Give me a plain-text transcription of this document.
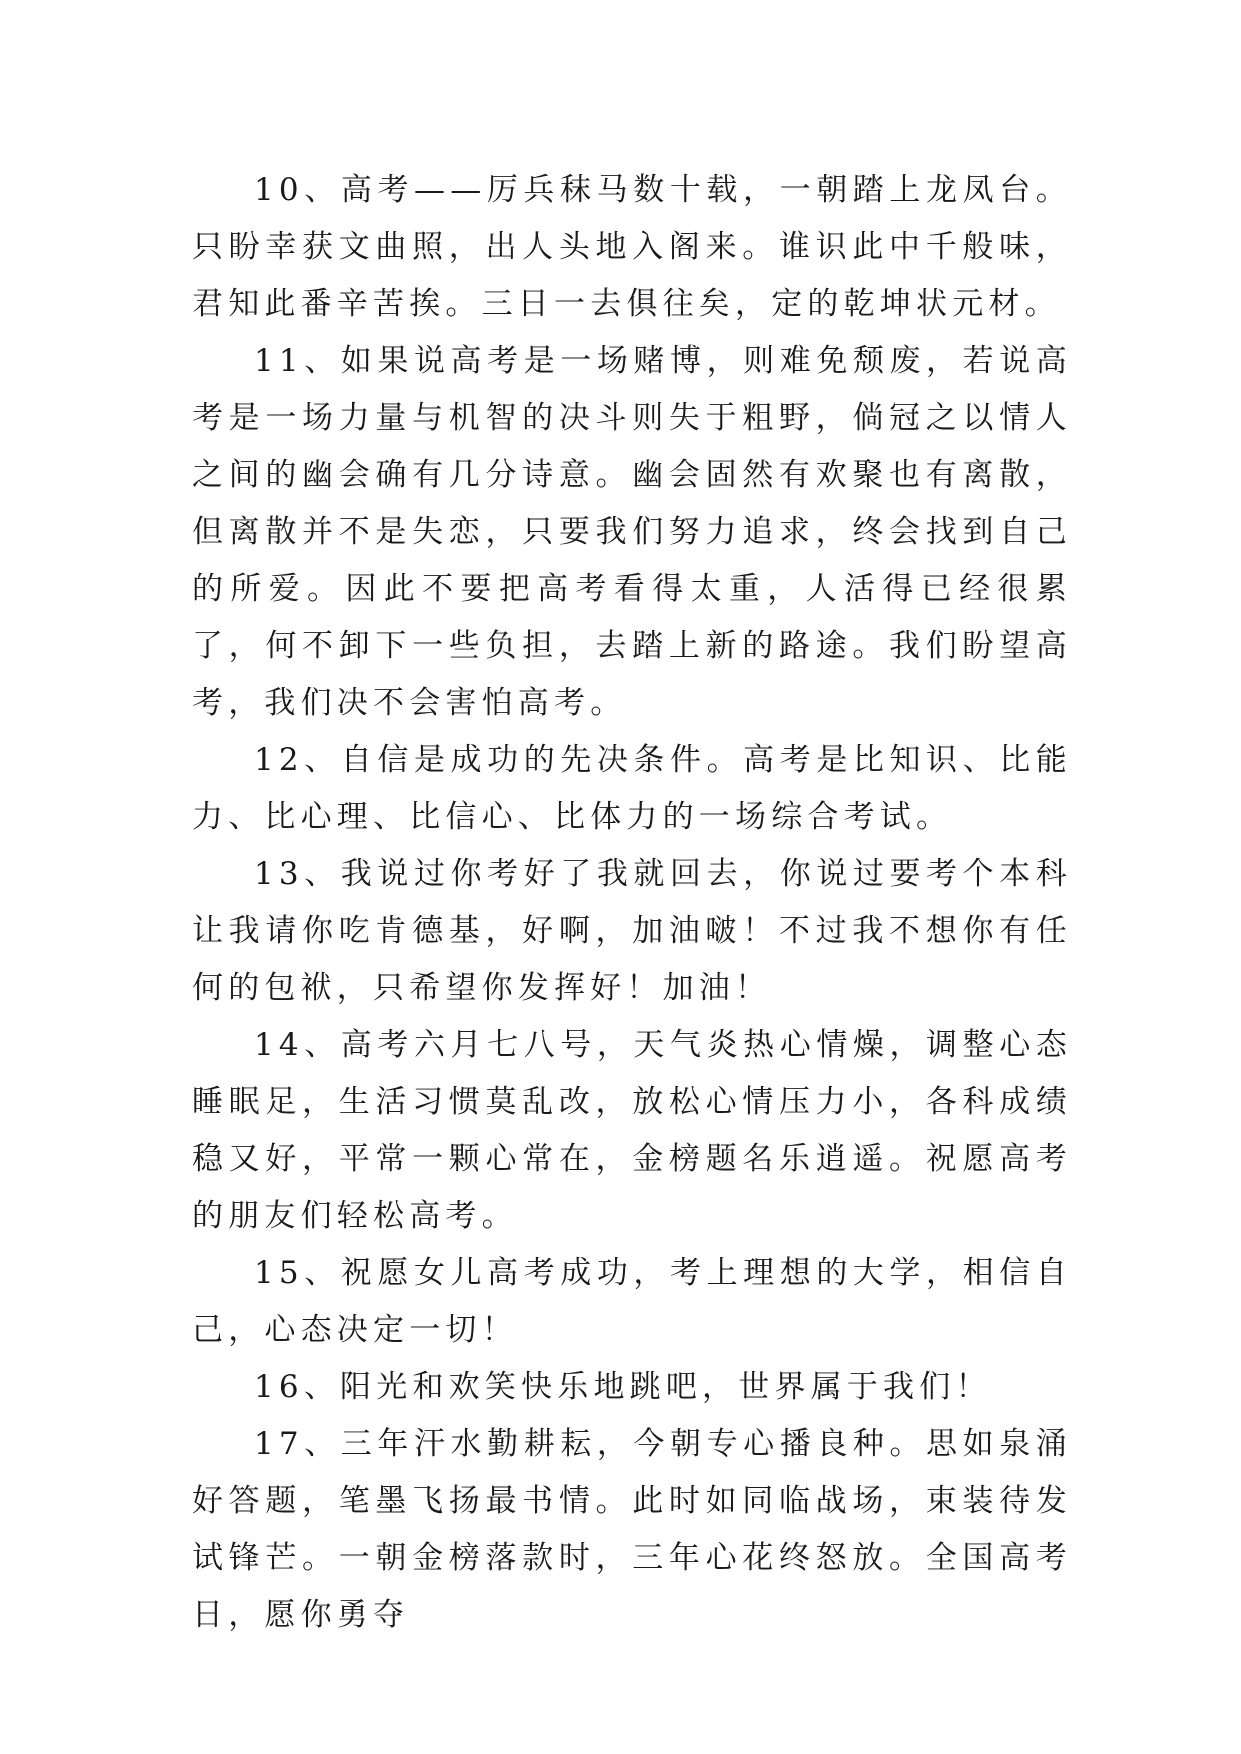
10、高考——厉兵秣马数十载，一朝踏上龙凤台。只盼幸获文曲照，出人头地入阁来。谁识此中千般味，君知此番辛苦挨。三日一去俱往矣，定的乾坤状元材。

11、如果说高考是一场赌博，则难免颓废，若说高考是一场力量与机智的决斗则失于粗野，倘冠之以情人之间的幽会确有几分诗意。幽会固然有欢聚也有离散，但离散并不是失恋，只要我们努力追求，终会找到自己的所爱。因此不要把高考看得太重，人活得已经很累了，何不卸下一些负担，去踏上新的路途。我们盼望高考，我们决不会害怕高考。

12、自信是成功的先决条件。高考是比知识、比能力、比心理、比信心、比体力的一场综合考试。

13、我说过你考好了我就回去，你说过要考个本科让我请你吃肯德基，好啊，加油啵！不过我不想你有任何的包袱，只希望你发挥好！加油！

14、高考六月七八号，天气炎热心情燥，调整心态睡眠足，生活习惯莫乱改，放松心情压力小，各科成绩稳又好，平常一颗心常在，金榜题名乐逍遥。祝愿高考的朋友们轻松高考。

15、祝愿女儿高考成功，考上理想的大学，相信自己，心态决定一切！

16、阳光和欢笑快乐地跳吧，世界属于我们！

17、三年汗水勤耕耘，今朝专心播良种。思如泉涌好答题，笔墨飞扬最书情。此时如同临战场，束装待发试锋芒。一朝金榜落款时，三年心花终怒放。全国高考日，愿你勇夺
